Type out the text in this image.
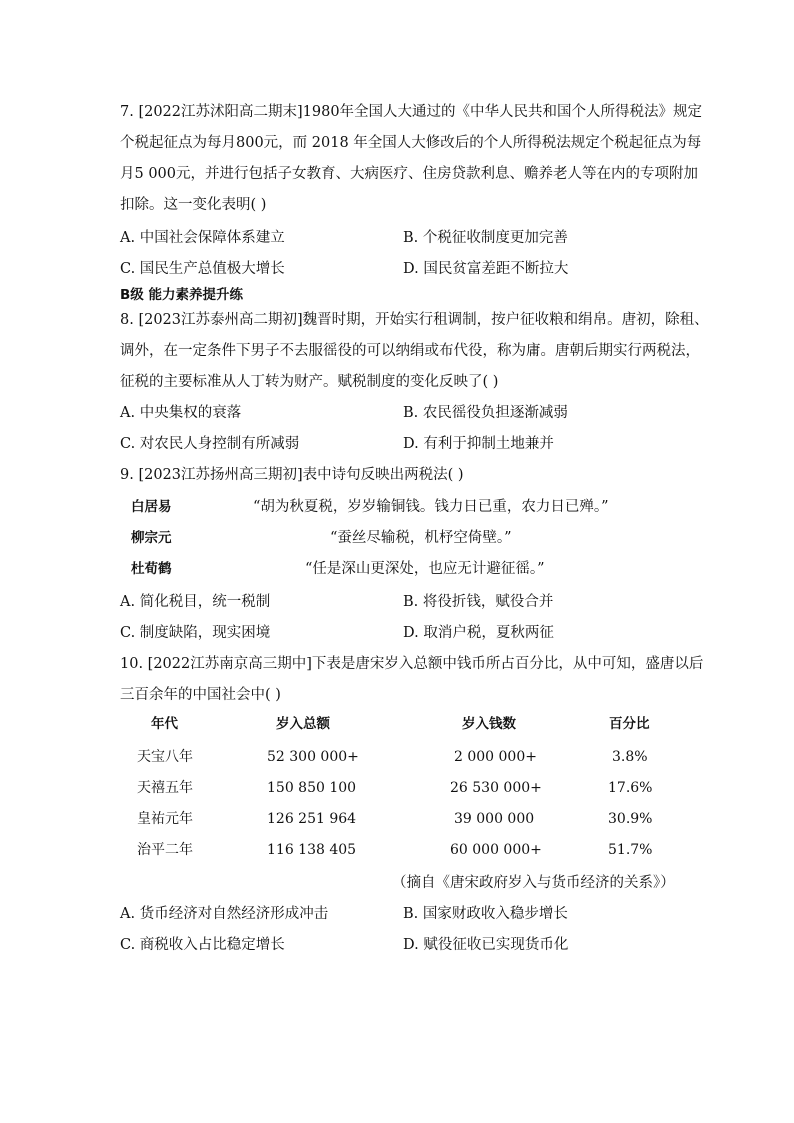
7. [2022江苏沭阳高二期末]1980年全国人大通过的《中华人民共和国个人所得税法》规定
个税起征点为每月800元，而 2018 年全国人大修改后的个人所得税法规定个税起征点为每
月5 000元，并进行包括子女教育、大病医疗、住房贷款利息、赡养老人等在内的专项附加
扣除。这一变化表明( )
A. 中国社会保障体系建立	B. 个税征收制度更加完善
C. 国民生产总值极大增长	D. 国民贫富差距不断拉大
B级 能力素养提升练
8. [2023江苏泰州高二期初]魏晋时期，开始实行租调制，按户征收粮和绢帛。唐初，除租、
调外，在一定条件下男子不去服徭役的可以纳绢或布代役，称为庸。唐朝后期实行两税法，
征税的主要标准从人丁转为财产。赋税制度的变化反映了( )
A. 中央集权的衰落	B. 农民徭役负担逐渐减弱
C. 对农民人身控制有所减弱	D. 有利于抑制土地兼并
9. [2023江苏扬州高三期初]表中诗句反映出两税法( )
白居易	“胡为秋夏税，岁岁输铜钱。钱力日已重，农力日已殚。”
柳宗元	“蚕丝尽输税，机杼空倚壁。”
杜荀鹤	“任是深山更深处，也应无计避征徭。”
A. 简化税目，统一税制	B. 将役折钱，赋役合并
C. 制度缺陷，现实困境	D. 取消户税，夏秋两征
10. [2022江苏南京高三期中]下表是唐宋岁入总额中钱币所占百分比，从中可知，盛唐以后
三百余年的中国社会中( )
年代	岁入总额	岁入钱数	百分比
天宝八年	52 300 000+	2 000 000+	3.8%
天禧五年	150 850 100	26 530 000+	17.6%
皇祐元年	126 251 964	39 000 000	30.9%
治平二年	116 138 405	60 000 000+	51.7%
（摘自《唐宋政府岁入与货币经济的关系》）
A. 货币经济对自然经济形成冲击	B. 国家财政收入稳步增长
C. 商税收入占比稳定增长	D. 赋役征收已实现货币化
